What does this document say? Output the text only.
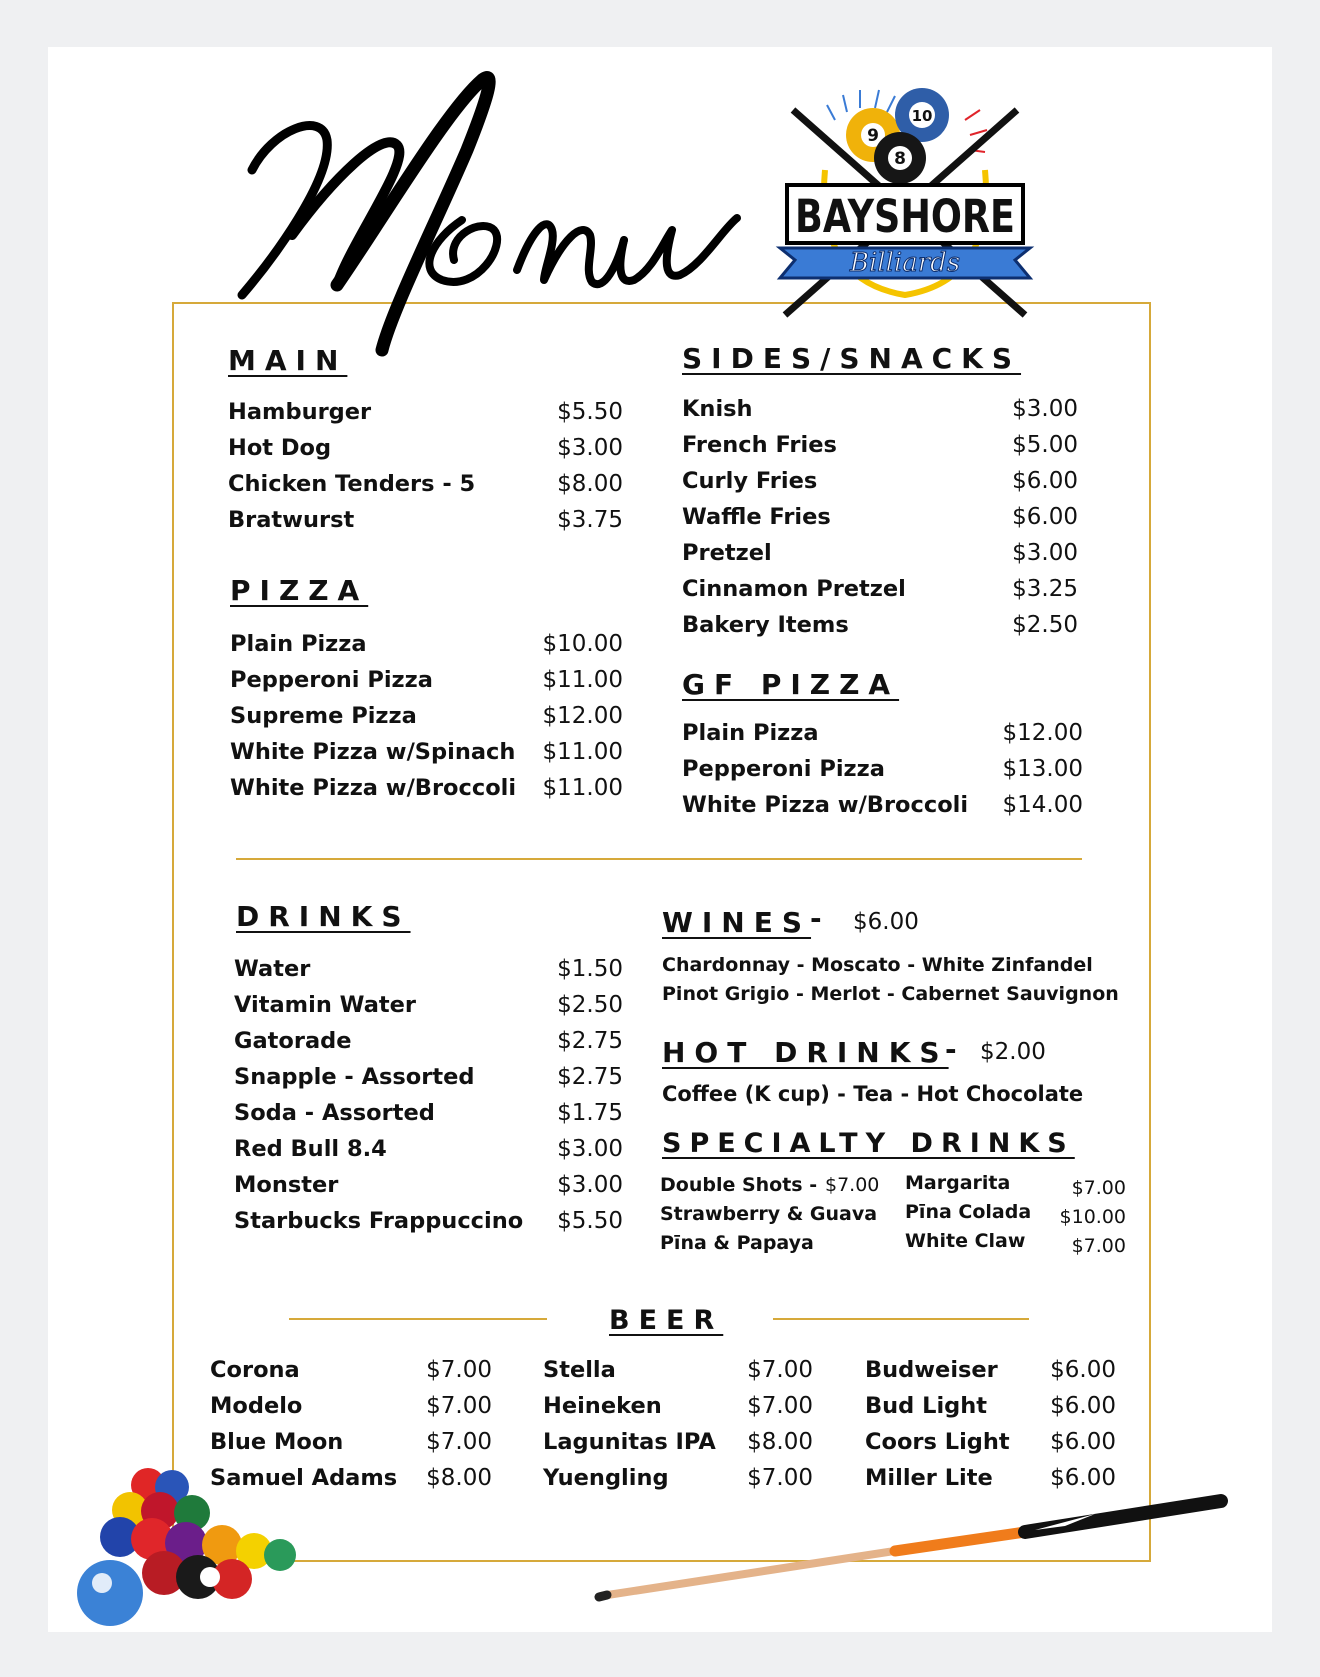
9
10
8
BAYSHORE
Billiards
MAIN
Hamburger
Hot Dog
Chicken Tenders - 5
Bratwurst
$5.50
$3.00
$8.00
$3.75
PIZZA
Plain Pizza
Pepperoni Pizza
Supreme Pizza
White Pizza w/Spinach
White Pizza w/Broccoli
$10.00
$11.00
$12.00
$11.00
$11.00
SIDES/SNACKS
Knish
French Fries
Curly Fries
Waffle Fries
Pretzel
Cinnamon Pretzel
Bakery Items
$3.00
$5.00
$6.00
$6.00
$3.00
$3.25
$2.50
GF PIZZA
Plain Pizza
Pepperoni Pizza
White Pizza w/Broccoli
$12.00
$13.00
$14.00
DRINKS
Water
Vitamin Water
Gatorade
Snapple - Assorted
Soda - Assorted
Red Bull 8.4
Monster
Starbucks Frappuccino
$1.50
$2.50
$2.75
$2.75
$1.75
$3.00
$3.00
$5.50
WINES
- $6.00
Chardonnay - Moscato - White Zinfandel
Pinot Grigio - Merlot - Cabernet Sauvignon
HOT DRINKS
- $2.00
Coffee (K cup) - Tea - Hot Chocolate
SPECIALTY DRINKS
Double Shots -
Strawberry & Guava
Pīna & Papaya
$7.00 Margarita
Pīna Colada
White Claw
$7.00
$10.00
$7.00
BEER
Corona
Modelo
Blue Moon
Samuel Adams
$7.00
$7.00
$7.00
$8.00
Stella
Heineken
Lagunitas IPA
Yuengling
$7.00
$7.00
$8.00
$7.00
Budweiser
Bud Light
Coors Light
Miller Lite
$6.00
$6.00
$6.00
$6.00
